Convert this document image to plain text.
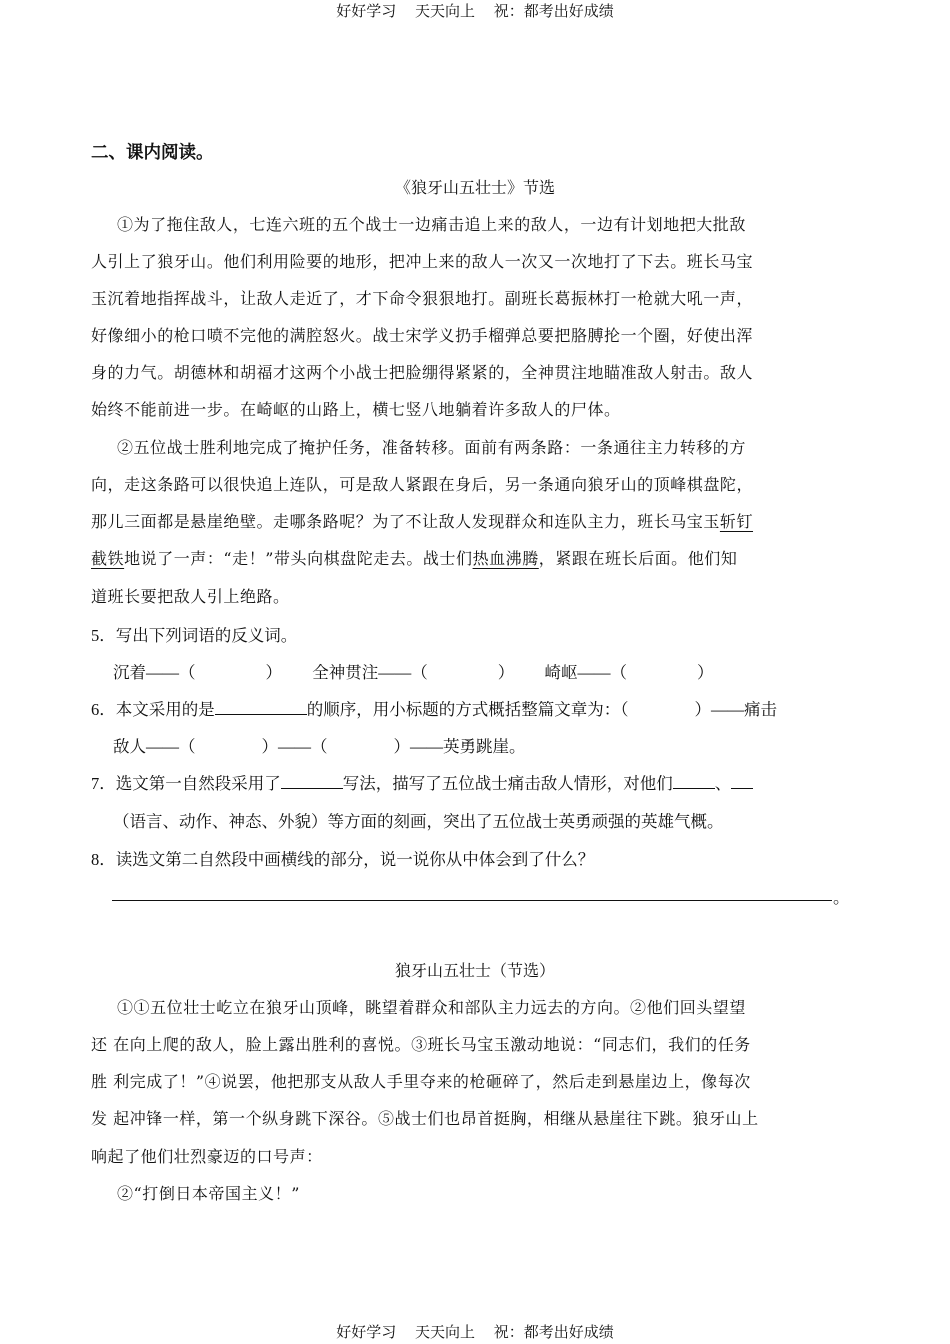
好好学习 天天向上 祝：都考出好成绩
二、课内阅读。
《狼牙山五壮士》节选
①为了拖住敌人，七连六班的五个战士一边痛击追上来的敌人，一边有计划地把大批敌
人引上了狼牙山。他们利用险要的地形，把冲上来的敌人一次又一次地打了下去。班长马宝
玉沉着地指挥战斗，让敌人走近了，才下命令狠狠地打。副班长葛振林打一枪就大吼一声，
好像细小的枪口喷不完他的满腔怒火。战士宋学义扔手榴弹总要把胳膊抡一个圈，好使出浑
身的力气。胡德林和胡福才这两个小战士把脸绷得紧紧的，全神贯注地瞄准敌人射击。敌人
始终不能前进一步。在崎岖的山路上，横七竖八地躺着许多敌人的尸体。
②五位战士胜利地完成了掩护任务，准备转移。面前有两条路：一条通往主力转移的方
向，走这条路可以很快追上连队，可是敌人紧跟在身后，另一条通向狼牙山的顶峰棋盘陀，
那儿三面都是悬崖绝壁。走哪条路呢？为了不让敌人发现群众和连队主力，班长马宝玉斩钉
截铁地说了一声：“走！”带头向棋盘陀走去。战士们热血沸腾，紧跟在班长后面。他们知
道班长要把敌人引上绝路。
5．写出下列词语的反义词。
沉着——（	） 全神贯注——（	） 崎岖——（	）
6．本文采用的是	的顺序，用小标题的方式概括整篇文章为：（	）——痛击
敌人——（	）——（	）——英勇跳崖。
7．选文第一自然段采用了	写法，描写了五位战士痛击敌人情形，对他们	、
（语言、动作、神态、外貌）等方面的刻画，突出了五位战士英勇顽强的英雄气概。
8．读选文第二自然段中画横线的部分，说一说你从中体会到了什么？
。
狼牙山五壮士（节选）
①①五位壮士屹立在狼牙山顶峰，眺望着群众和部队主力远去的方向。②他们回头望望
还 在向上爬的敌人，脸上露出胜利的喜悦。③班长马宝玉激动地说：“同志们，我们的任务
胜 利完成了！”④说罢，他把那支从敌人手里夺来的枪砸碎了，然后走到悬崖边上，像每次
发 起冲锋一样，第一个纵身跳下深谷。⑤战士们也昂首挺胸，相继从悬崖往下跳。狼牙山上
响起了他们壮烈豪迈的口号声：
②“打倒日本帝国主义！”
好好学习 天天向上 祝：都考出好成绩
